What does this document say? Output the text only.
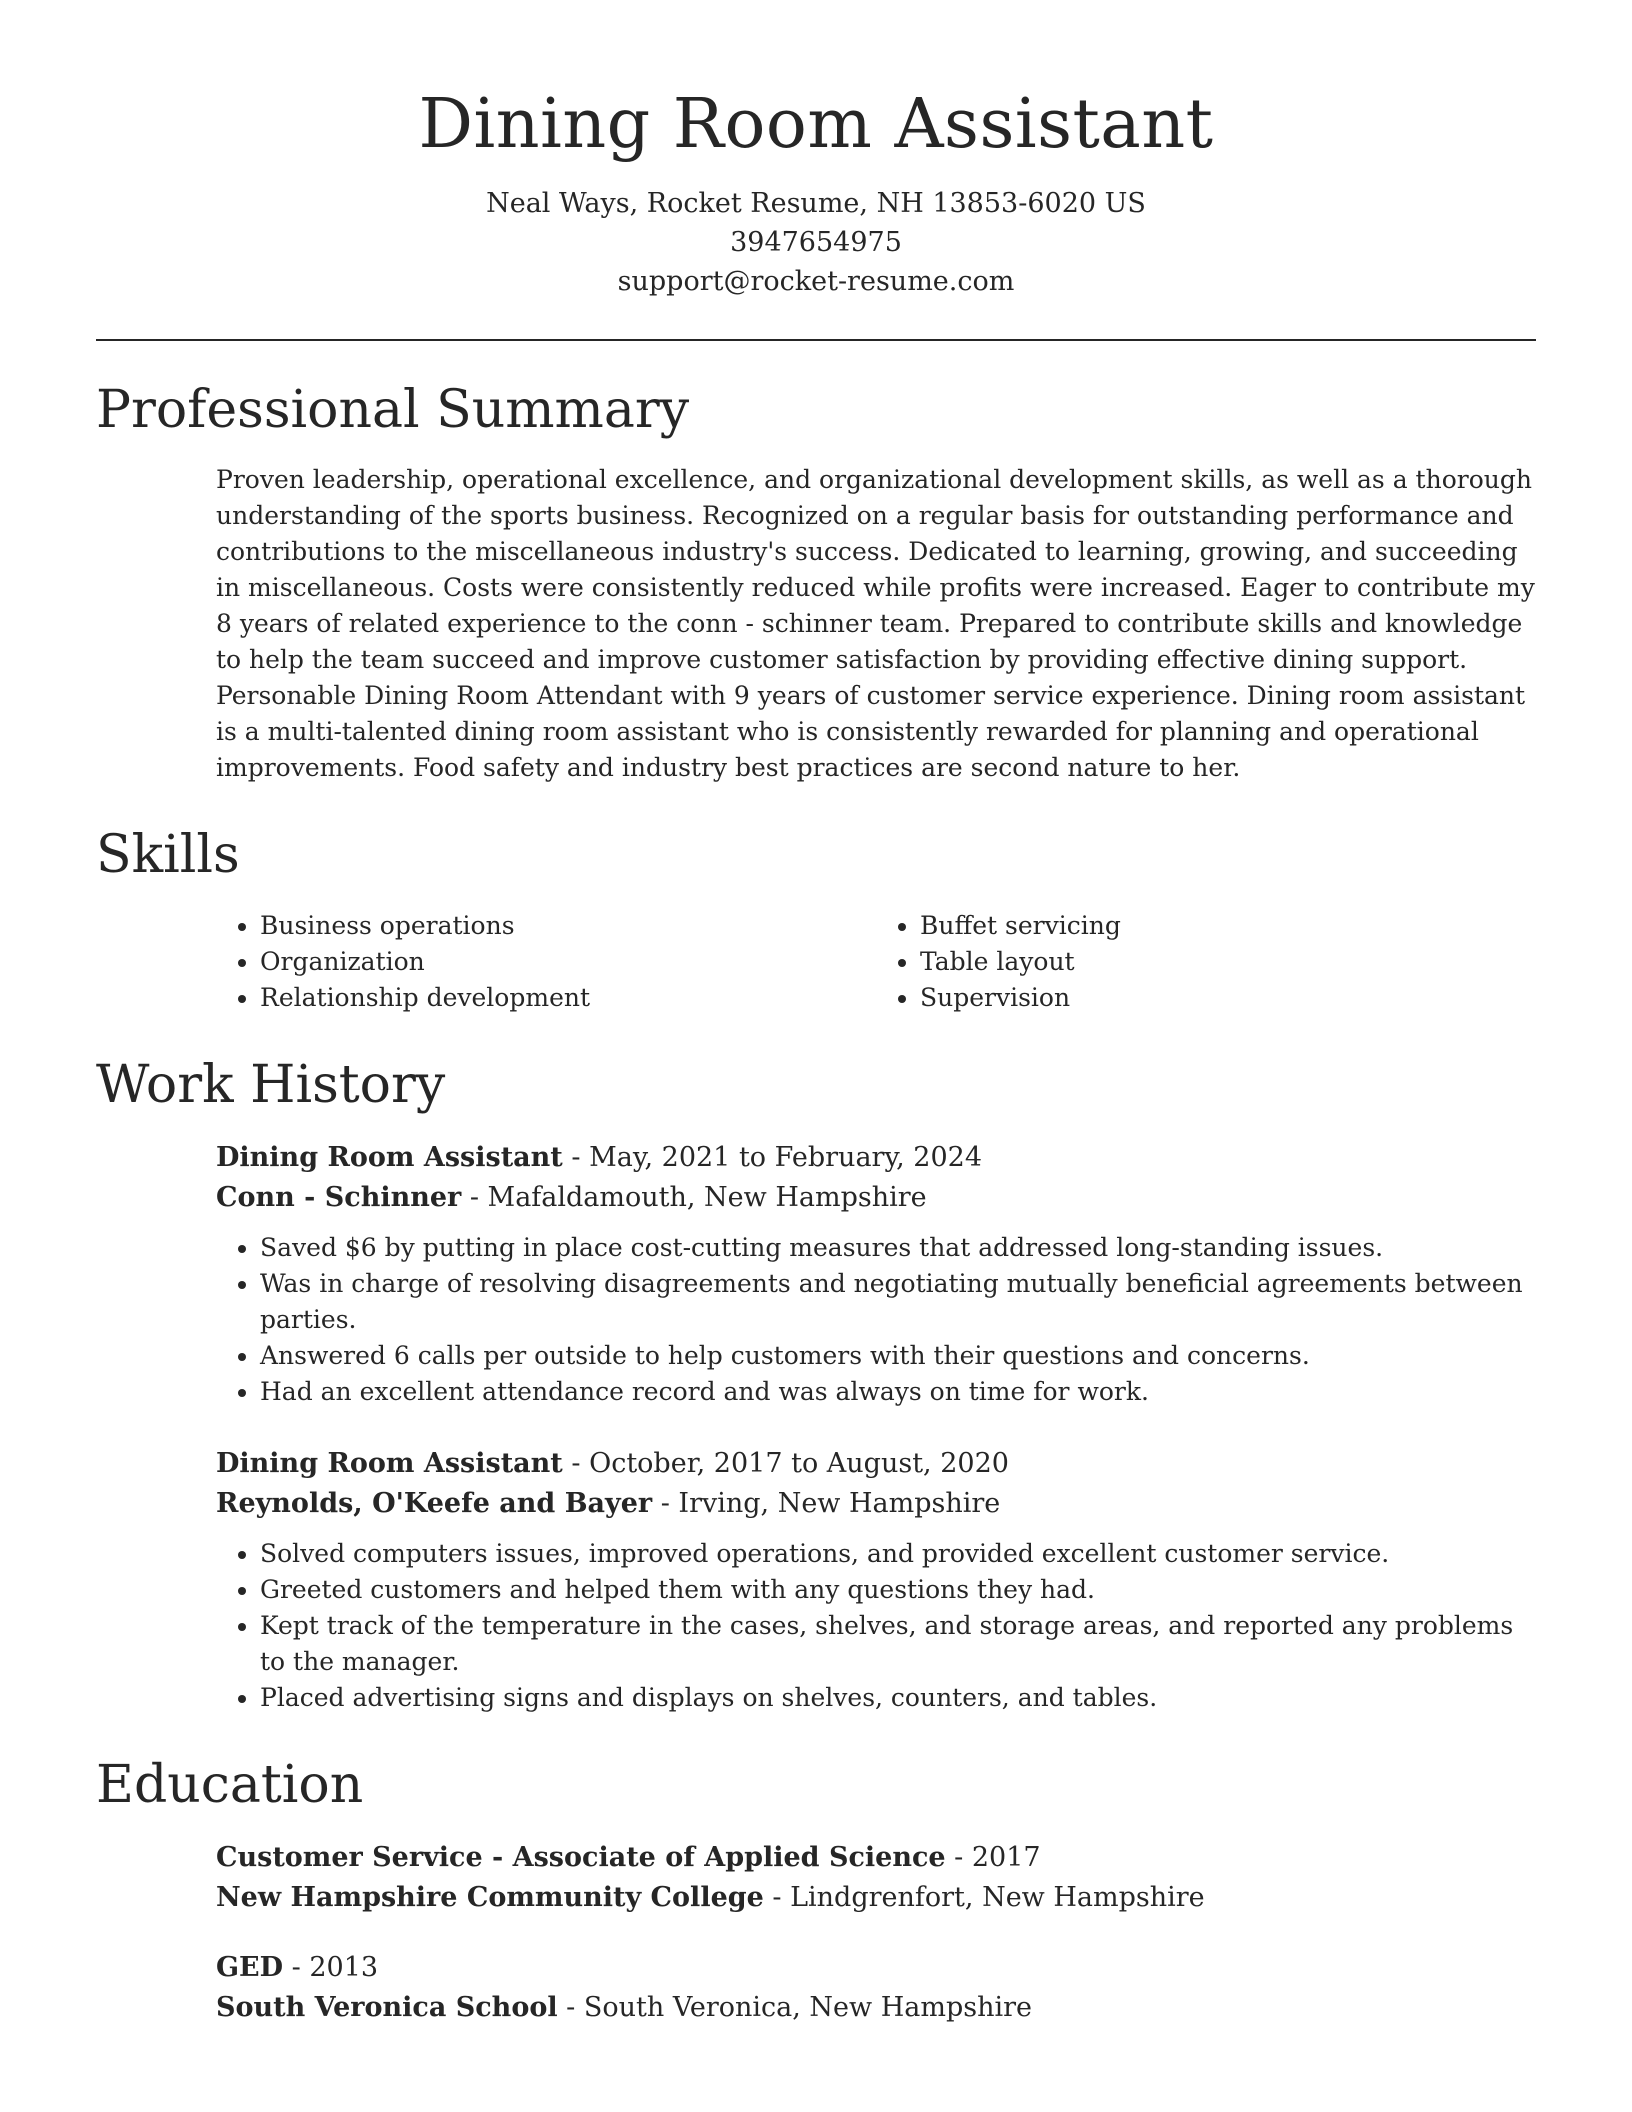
Dining Room Assistant
Neal Ways, Rocket Resume, NH 13853-6020 US
3947654975
support@rocket-resume.com
Professional Summary
Proven leadership, operational excellence, and organizational development skills, as well as a thorough understanding of the sports business. Recognized on a regular basis for outstanding performance and contributions to the miscellaneous industry's success. Dedicated to learning, growing, and succeeding in miscellaneous. Costs were consistently reduced while profits were increased. Eager to contribute my 8 years of related experience to the conn - schinner team. Prepared to contribute skills and knowledge to help the team succeed and improve customer satisfaction by providing effective dining support. Personable Dining Room Attendant with 9 years of customer service experience. Dining room assistant is a multi-talented dining room assistant who is consistently rewarded for planning and operational improvements. Food safety and industry best practices are second nature to her.
Skills
• Business operations
• Organization
• Relationship development
• Buffet servicing
• Table layout
• Supervision
Work History
Dining Room Assistant - May, 2021 to February, 2024
Conn - Schinner - Mafaldamouth, New Hampshire
• Saved $6 by putting in place cost-cutting measures that addressed long-standing issues.
• Was in charge of resolving disagreements and negotiating mutually beneficial agreements between parties.
• Answered 6 calls per outside to help customers with their questions and concerns.
• Had an excellent attendance record and was always on time for work.
Dining Room Assistant - October, 2017 to August, 2020
Reynolds, O'Keefe and Bayer - Irving, New Hampshire
• Solved computers issues, improved operations, and provided excellent customer service.
• Greeted customers and helped them with any questions they had.
• Kept track of the temperature in the cases, shelves, and storage areas, and reported any problems to the manager.
• Placed advertising signs and displays on shelves, counters, and tables.
Education
Customer Service - Associate of Applied Science - 2017
New Hampshire Community College - Lindgrenfort, New Hampshire
GED - 2013
South Veronica School - South Veronica, New Hampshire
